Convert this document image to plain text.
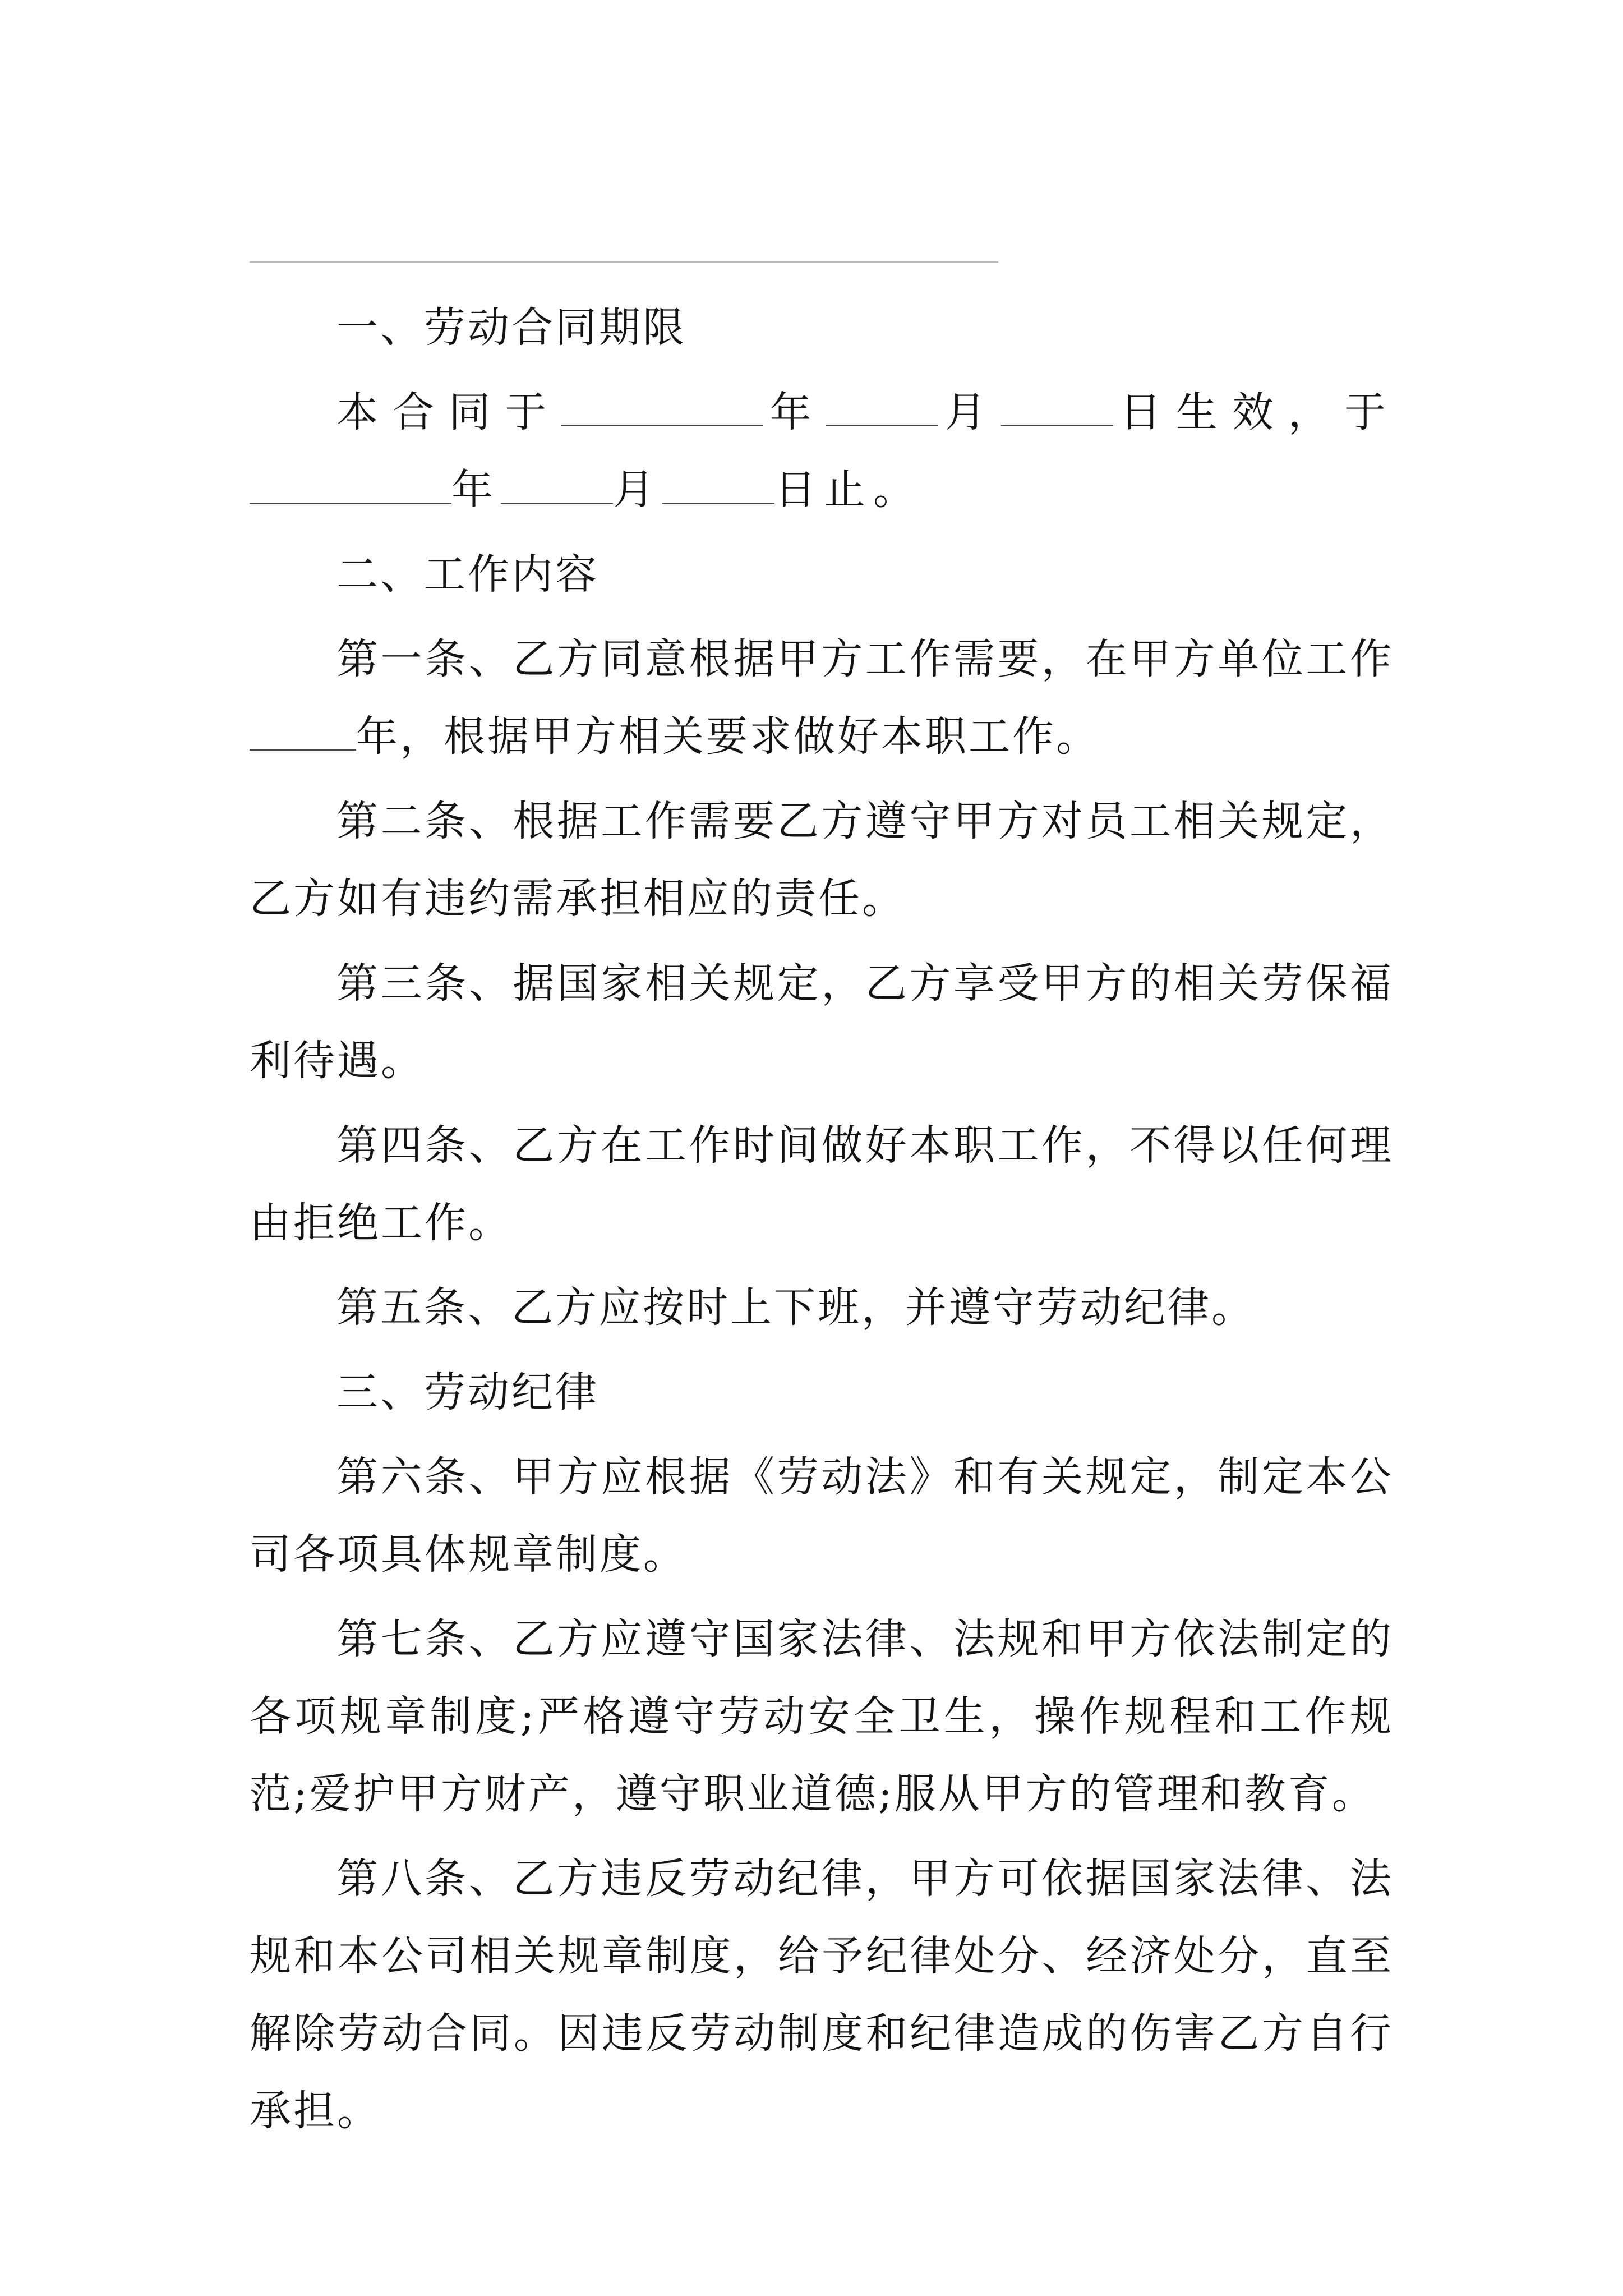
一、劳动合同期限

本合同于	年	月	日生效，于年	月	日止。

二、工作内容

第一条、乙方同意根据甲方工作需要，在甲方单位工作年，根据甲方相关要求做好本职工作。

第二条、根据工作需要乙方遵守甲方对员工相关规定，乙方如有违约需承担相应的责任。

第三条、据国家相关规定，乙方享受甲方的相关劳保福利待遇。

第四条、乙方在工作时间做好本职工作，不得以任何理由拒绝工作。

第五条、乙方应按时上下班，并遵守劳动纪律。

三、劳动纪律

第六条、甲方应根据《劳动法》和有关规定，制定本公司各项具体规章制度。

第七条、乙方应遵守国家法律、法规和甲方依法制定的各项规章制度;严格遵守劳动安全卫生，操作规程和工作规范;爱护甲方财产，遵守职业道德;服从甲方的管理和教育。

第八条、乙方违反劳动纪律，甲方可依据国家法律、法规和本公司相关规章制度，给予纪律处分、经济处分，直至解除劳动合同。因违反劳动制度和纪律造成的伤害乙方自行承担。
